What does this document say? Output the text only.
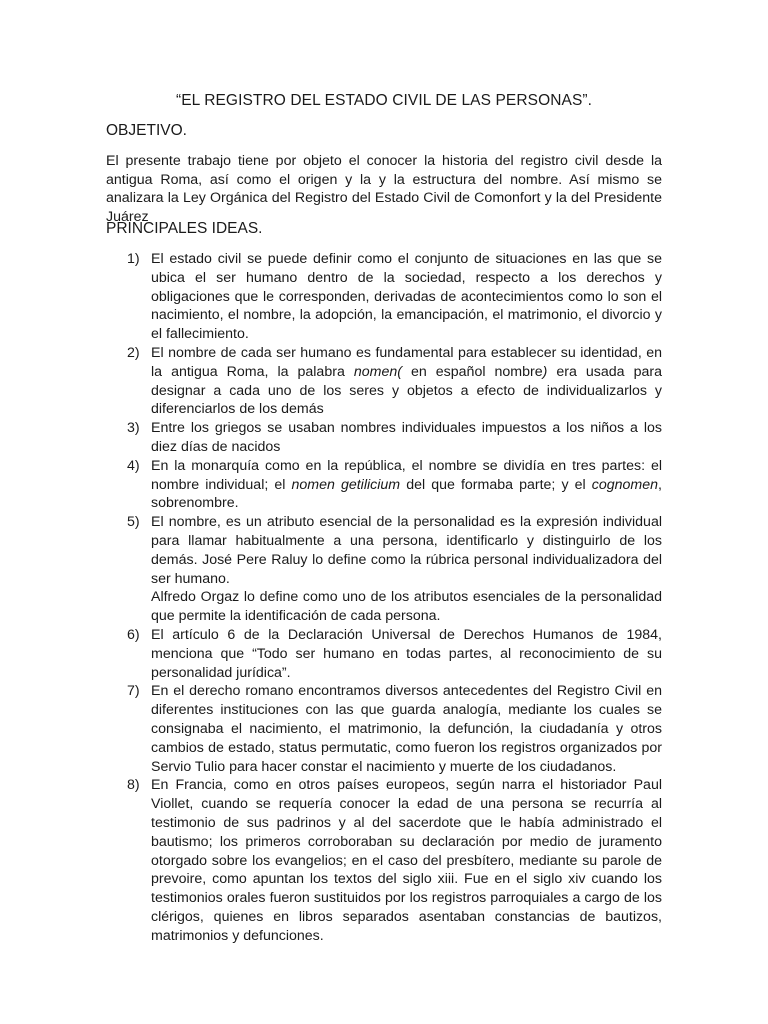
“EL REGISTRO DEL ESTADO CIVIL DE LAS PERSONAS”.
OBJETIVO.
El presente trabajo tiene por objeto el conocer la historia del registro civil desde la antigua Roma, así como el origen y la y la estructura del nombre. Así mismo se analizara la Ley Orgánica del Registro del Estado Civil de Comonfort y la del Presidente Juárez
PRINCIPALES IDEAS.
1) El estado civil se puede definir como el conjunto de situaciones en las que se ubica el ser humano dentro de la sociedad, respecto a los derechos y obligaciones que le corresponden, derivadas de acontecimientos como lo son el nacimiento, el nombre, la adopción, la emancipación, el matrimonio, el divorcio y el fallecimiento.
2) El nombre de cada ser humano es fundamental para establecer su identidad, en la antigua Roma, la palabra nomen( en español nombre) era usada para designar a cada uno de los seres y objetos a efecto de individualizarlos y diferenciarlos de los demás
3) Entre los griegos se usaban nombres individuales impuestos a los niños a los diez días de nacidos
4) En la monarquía como en la república, el nombre se dividía en tres partes: el nombre individual; el nomen getilicium del que formaba parte; y el cognomen, sobrenombre.
5) El nombre, es un atributo esencial de la personalidad es la expresión individual para llamar habitualmente a una persona, identificarlo y distinguirlo de los demás. José Pere Raluy lo define como la rúbrica personal individualizadora del ser humano.
Alfredo Orgaz lo define como uno de los atributos esenciales de la personalidad que permite la identificación de cada persona.
6) El artículo 6 de la Declaración Universal de Derechos Humanos de 1984, menciona que “Todo ser humano en todas partes, al reconocimiento de su personalidad jurídica”.
7) En el derecho romano encontramos diversos antecedentes del Registro Civil en diferentes instituciones con las que guarda analogía, mediante los cuales se consignaba el nacimiento, el matrimonio, la defunción, la ciudadanía y otros cambios de estado, status permutatic, como fueron los registros organizados por Servio Tulio para hacer constar el nacimiento y muerte de los ciudadanos.
8) En Francia, como en otros países europeos, según narra el historiador Paul Viollet, cuando se requería conocer la edad de una persona se recurría al testimonio de sus padrinos y al del sacerdote que le había administrado el bautismo; los primeros corroboraban su declaración por medio de juramento otorgado sobre los evangelios; en el caso del presbítero, mediante su parole de prevoire, como apuntan los textos del siglo xiii. Fue en el siglo xiv cuando los testimonios orales fueron sustituidos por los registros parroquiales a cargo de los clérigos, quienes en libros separados asentaban constancias de bautizos, matrimonios y defunciones.
